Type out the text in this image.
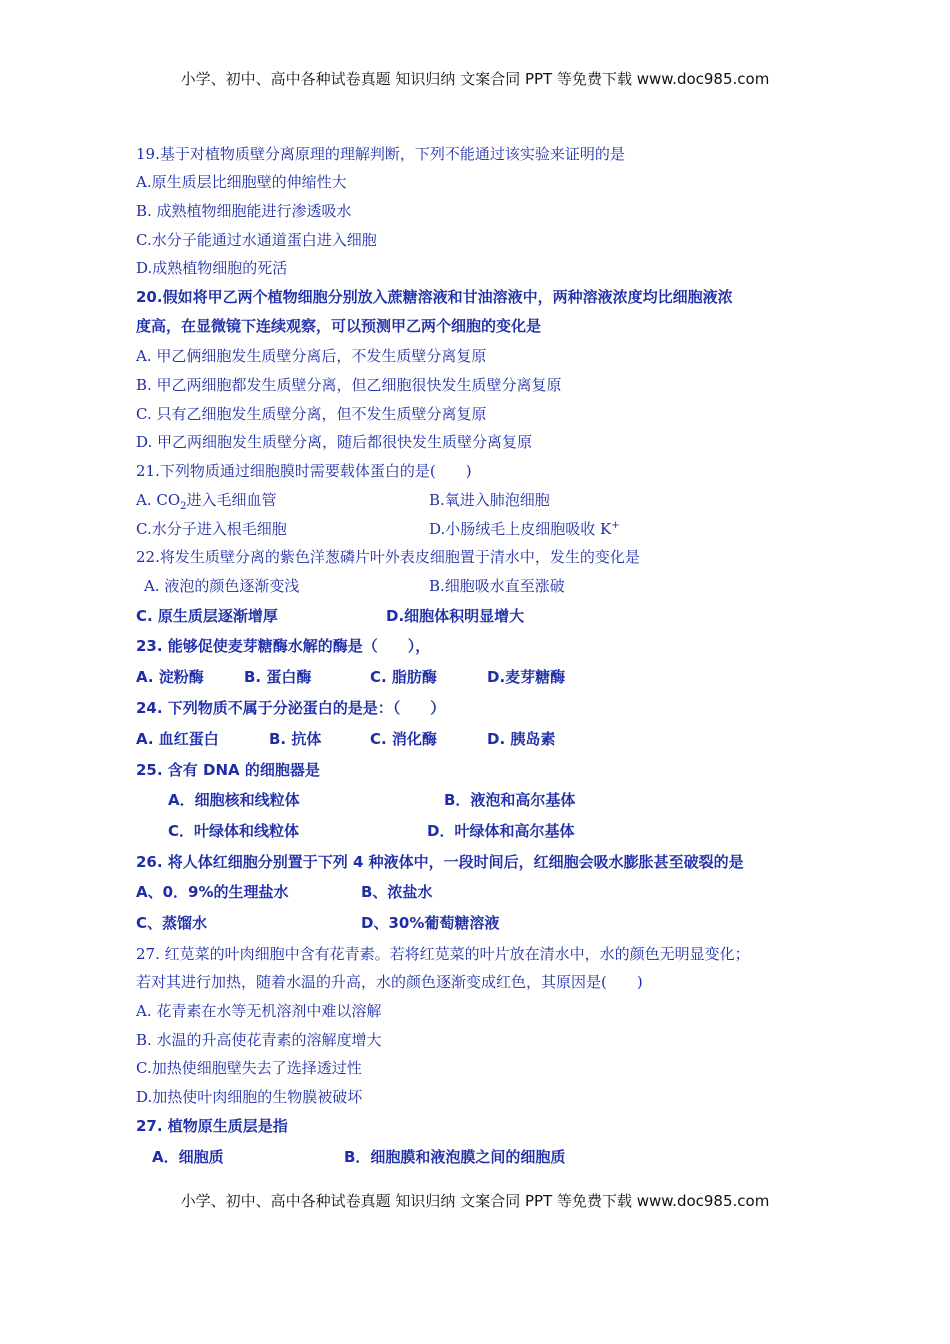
小学、初中、高中各种试卷真题 知识归纳 文案合同 PPT 等免费下载 www.doc985.com
19.基于对植物质壁分离原理的理解判断，下列不能通过该实验来证明的是
A.原生质层比细胞壁的伸缩性大
B. 成熟植物细胞能进行渗透吸水
C.水分子能通过水通道蛋白进入细胞
D.成熟植物细胞的死活
20.假如将甲乙两个植物细胞分别放入蔗糖溶液和甘油溶液中，两种溶液浓度均比细胞液浓
度高，在显微镜下连续观察，可以预测甲乙两个细胞的变化是
A. 甲乙俩细胞发生质壁分离后，不发生质壁分离复原
B. 甲乙两细胞都发生质壁分离，但乙细胞很快发生质壁分离复原
C. 只有乙细胞发生质壁分离，但不发生质壁分离复原
D. 甲乙两细胞发生质壁分离，随后都很快发生质壁分离复原
21.下列物质通过细胞膜时需要载体蛋白的是(　　)
A. $CO_2$进入毛细血管	B.氧进入肺泡细胞
C.水分子进入根毛细胞	D.小肠绒毛上皮细胞吸收 K+
22.将发生质壁分离的紫色洋葱磷片叶外表皮细胞置于清水中，发生的变化是
A. 液泡的颜色逐渐变浅	B.细胞吸水直至涨破
C. 原生质层逐渐增厚	D.细胞体积明显增大
23. 能够促使麦芽糖酶水解的酶是（　　），
A. 淀粉酶	B. 蛋白酶	C. 脂肪酶	D.麦芽糖酶
24. 下列物质不属于分泌蛋白的是是：（　　）
A. 血红蛋白	B. 抗体	C. 消化酶	D. 胰岛素
25. 含有 DNA 的细胞器是
A．细胞核和线粒体	B．液泡和高尔基体
C．叶绿体和线粒体	D．叶绿体和高尔基体
26. 将人体红细胞分别置于下列 4 种液体中，一段时间后，红细胞会吸水膨胀甚至破裂的是
A、0．9%的生理盐水	B、浓盐水
C、蒸馏水	D、30%葡萄糖溶液
27. 红苋菜的叶肉细胞中含有花青素。若将红苋菜的叶片放在清水中，水的颜色无明显变化；
若对其进行加热，随着水温的升高，水的颜色逐渐变成红色，其原因是(　　)
A. 花青素在水等无机溶剂中难以溶解
B. 水温的升高使花青素的溶解度增大
C.加热使细胞壁失去了选择透过性
D.加热使叶肉细胞的生物膜被破坏
27. 植物原生质层是指
A．细胞质	B．细胞膜和液泡膜之间的细胞质
小学、初中、高中各种试卷真题 知识归纳 文案合同 PPT 等免费下载 www.doc985.com
